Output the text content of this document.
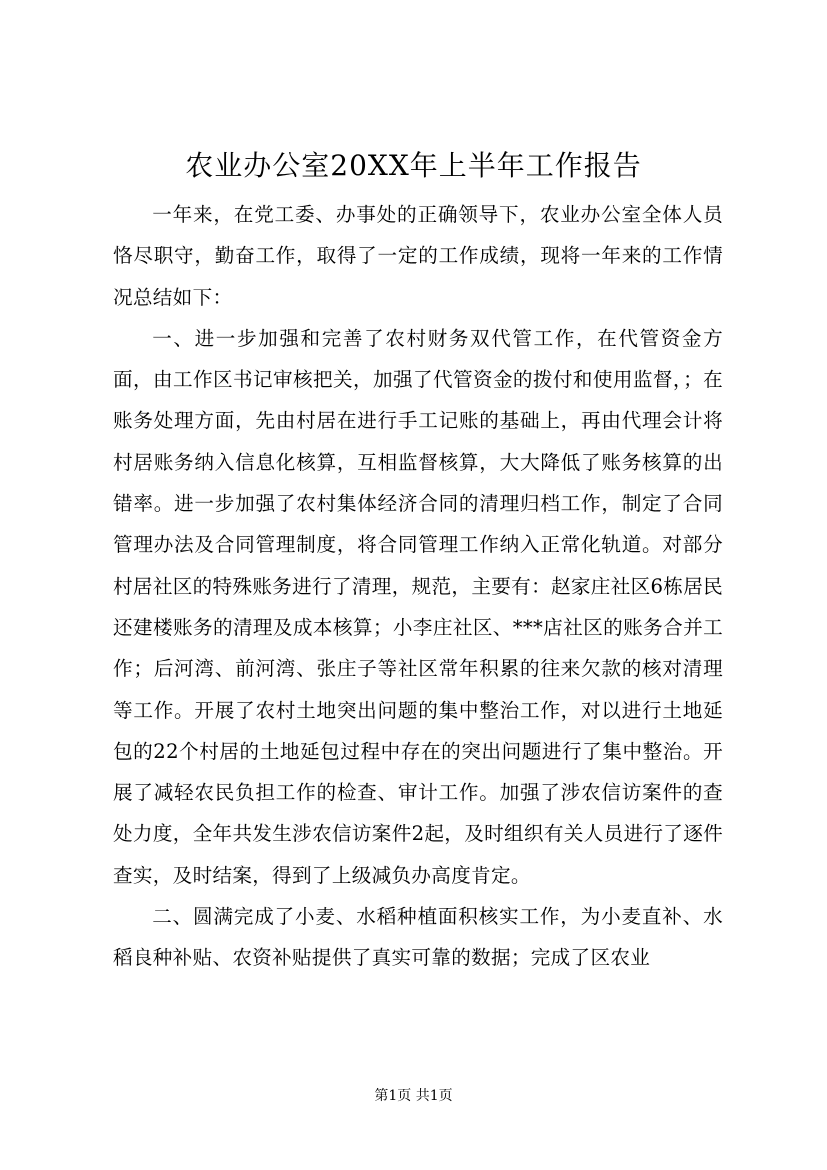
农业办公室20XX年上半年工作报告

一年来，在党工委、办事处的正确领导下，农业办公室全体人员恪尽职守，勤奋工作，取得了一定的工作成绩，现将一年来的工作情况总结如下：

一、进一步加强和完善了农村财务双代管工作，在代管资金方面，由工作区书记审核把关，加强了代管资金的拨付和使用监督，；在账务处理方面，先由村居在进行手工记账的基础上，再由代理会计将村居账务纳入信息化核算，互相监督核算，大大降低了账务核算的出错率。进一步加强了农村集体经济合同的清理归档工作，制定了合同管理办法及合同管理制度，将合同管理工作纳入正常化轨道。对部分村居社区的特殊账务进行了清理，规范，主要有：赵家庄社区6栋居民还建楼账务的清理及成本核算；小李庄社区、***店社区的账务合并工作；后河湾、前河湾、张庄子等社区常年积累的往来欠款的核对清理等工作。开展了农村土地突出问题的集中整治工作，对以进行土地延包的22个村居的土地延包过程中存在的突出问题进行了集中整治。开展了减轻农民负担工作的检查、审计工作。加强了涉农信访案件的查处力度，全年共发生涉农信访案件2起，及时组织有关人员进行了逐件查实，及时结案，得到了上级减负办高度肯定。

二、圆满完成了小麦、水稻种植面积核实工作，为小麦直补、水稻良种补贴、农资补贴提供了真实可靠的数据；完成了区农业

第1页 共1页
